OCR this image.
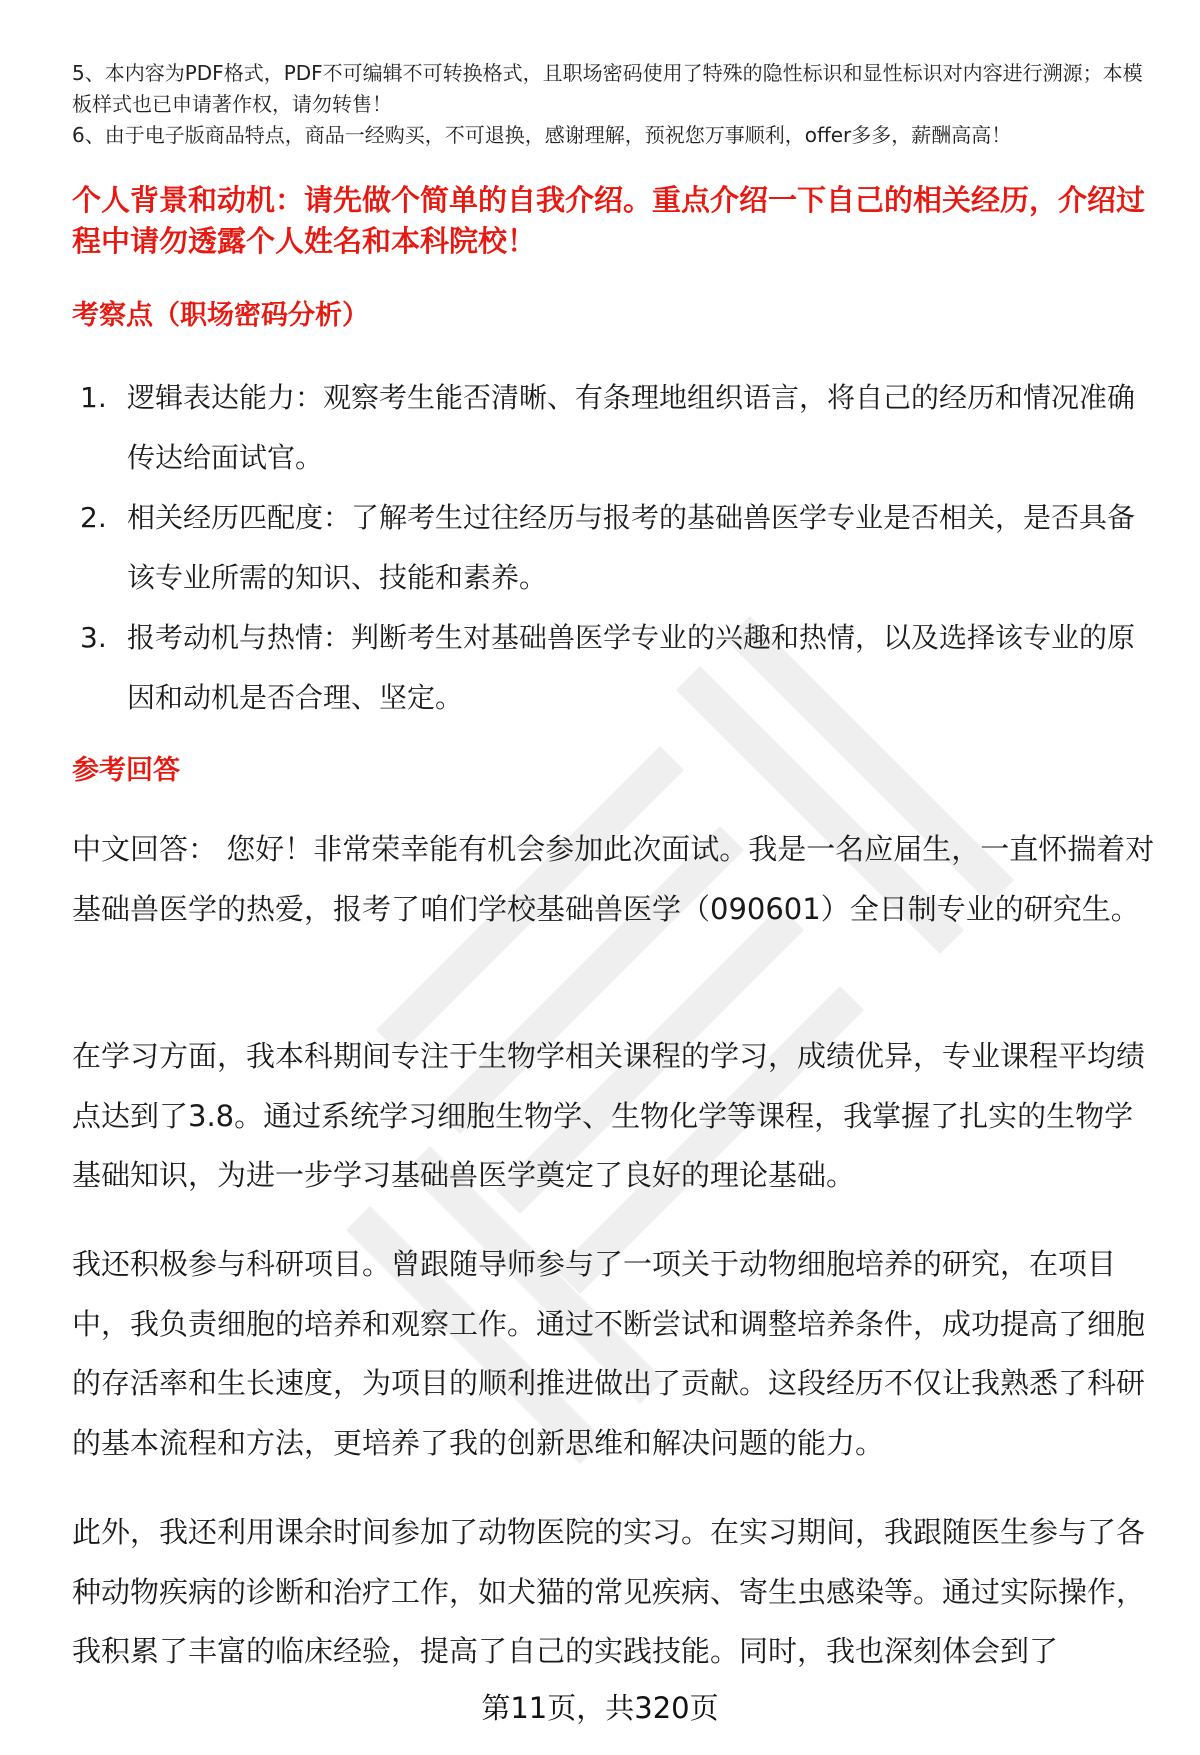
5、本内容为PDF格式，PDF不可编辑不可转换格式，且职场密码使用了特殊的隐性标识和显性标识对内容进行溯源；本模板样式也已申请著作权，请勿转售！

6、由于电子版商品特点，商品一经购买，不可退换，感谢理解，预祝您万事顺利，offer多多，薪酬高高！

个人背景和动机：请先做个简单的自我介绍。重点介绍一下自己的相关经历，介绍过程中请勿透露个人姓名和本科院校！
考察点（职场密码分析）
1. 逻辑表达能力：观察考生能否清晰、有条理地组织语言，将自己的经历和情况准确传达给面试官。
2. 相关经历匹配度：了解考生过往经历与报考的基础兽医学专业是否相关，是否具备该专业所需的知识、技能和素养。
3. 报考动机与热情：判断考生对基础兽医学专业的兴趣和热情，以及选择该专业的原因和动机是否合理、坚定。
参考回答

中文回答： 您好！非常荣幸能有机会参加此次面试。我是一名应届生，一直怀揣着对基础兽医学的热爱，报考了咱们学校基础兽医学（090601）全日制专业的研究生。

在学习方面，我本科期间专注于生物学相关课程的学习，成绩优异，专业课程平均绩点达到了3.8。通过系统学习细胞生物学、生物化学等课程，我掌握了扎实的生物学基础知识，为进一步学习基础兽医学奠定了良好的理论基础。

我还积极参与科研项目。曾跟随导师参与了一项关于动物细胞培养的研究，在项目中，我负责细胞的培养和观察工作。通过不断尝试和调整培养条件，成功提高了细胞的存活率和生长速度，为项目的顺利推进做出了贡献。这段经历不仅让我熟悉了科研的基本流程和方法，更培养了我的创新思维和解决问题的能力。

此外，我还利用课余时间参加了动物医院的实习。在实习期间，我跟随医生参与了各种动物疾病的诊断和治疗工作，如犬猫的常见疾病、寄生虫感染等。通过实际操作，我积累了丰富的临床经验，提高了自己的实践技能。同时，我也深刻体会到了

第11页，共320页
